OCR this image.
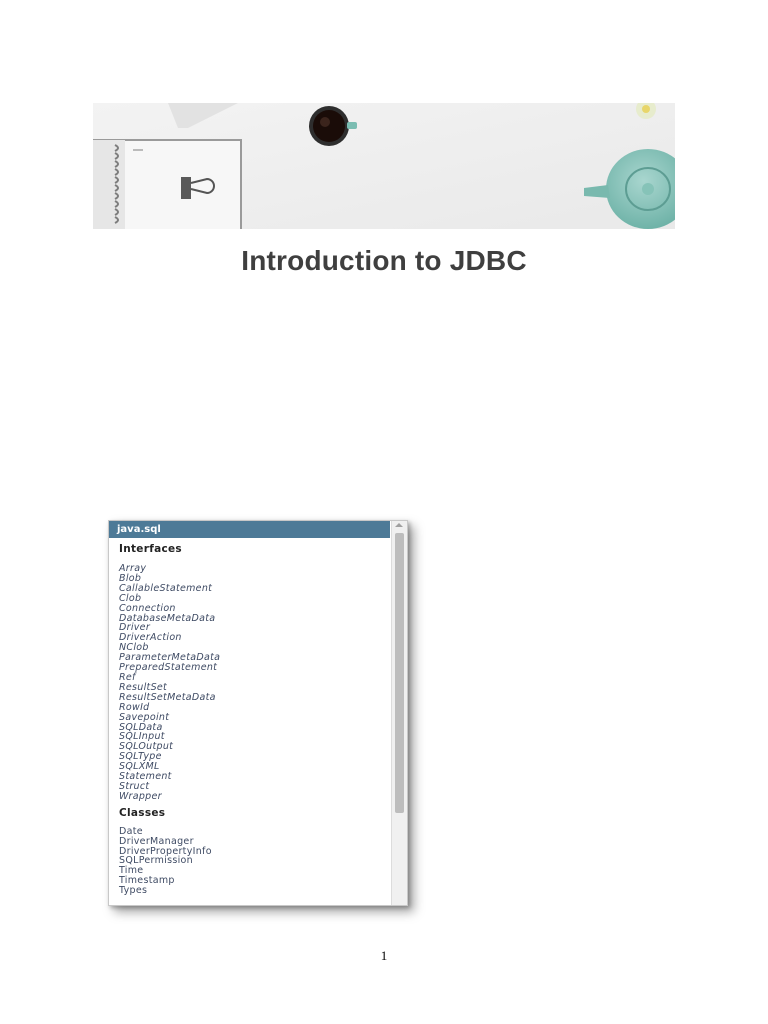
Introduction to JDBC
java.sql
Interfaces
Array
Blob
CallableStatement
Clob
Connection
DatabaseMetaData
Driver
DriverAction
NClob
ParameterMetaData
PreparedStatement
Ref
ResultSet
ResultSetMetaData
RowId
Savepoint
SQLData
SQLInput
SQLOutput
SQLType
SQLXML
Statement
Struct
Wrapper
Classes
Date
DriverManager
DriverPropertyInfo
SQLPermission
Time
Timestamp
Types
1
